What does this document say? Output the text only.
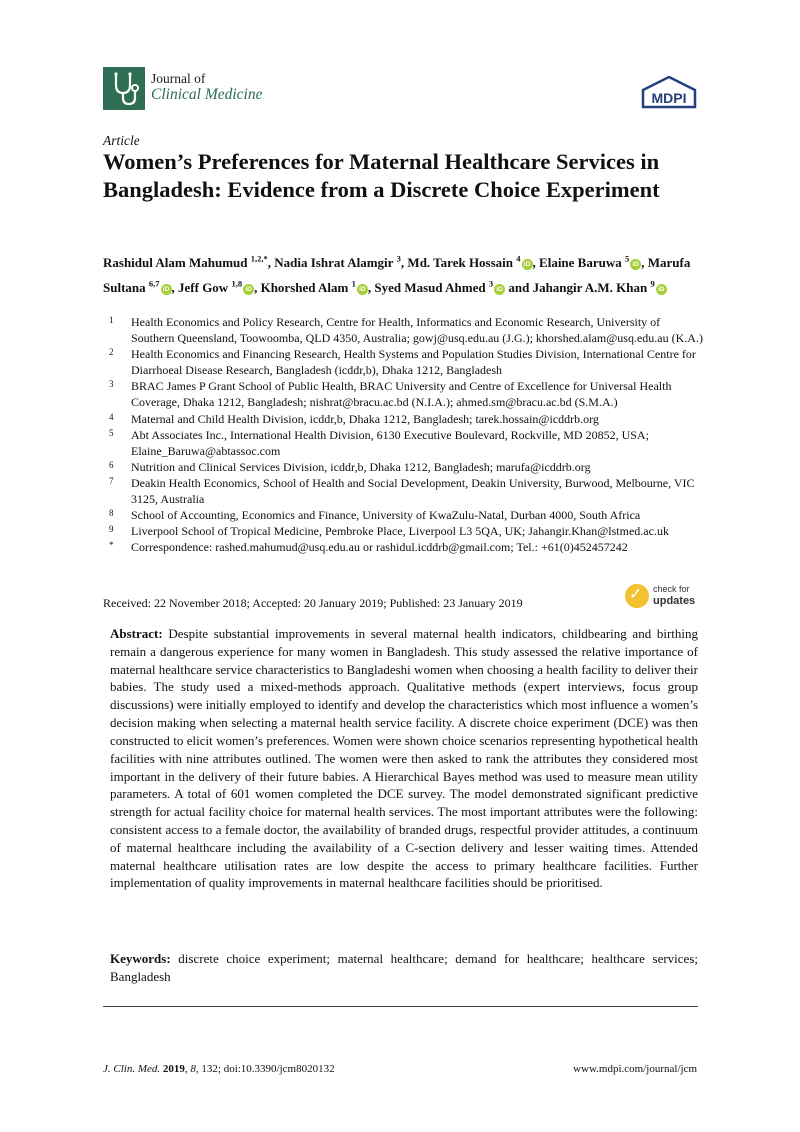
Journal of
Clinical Medicine	MDPI
Article
Women’s Preferences for Maternal Healthcare Services in Bangladesh: Evidence from a Discrete Choice Experiment

Rashidul Alam Mahumud $^{1,2,*}$, Nadia Ishrat Alamgir $^3$, Md. Tarek Hossain $^4$iD , Elaine Baruwa $^5$iD , Marufa Sultana $^{6,7}$iD , Jeff Gow $^{1,8}$iD , Khorshed Alam $^1$iD , Syed Masud Ahmed $^3$iD and Jahangir A.M. Khan $^9$iD

1	Health Economics and Policy Research, Centre for Health, Informatics and Economic Research, University of Southern Queensland, Toowoomba, QLD 4350, Australia; gowj@usq.edu.au (J.G.); khorshed.alam@usq.edu.au (K.A.)
2	Health Economics and Financing Research, Health Systems and Population Studies Division, International Centre for Diarrhoeal Disease Research, Bangladesh (icddr,b), Dhaka 1212, Bangladesh
3	BRAC James P Grant School of Public Health, BRAC University and Centre of Excellence for Universal Health Coverage, Dhaka 1212, Bangladesh; nishrat@bracu.ac.bd (N.I.A.); ahmed.sm@bracu.ac.bd (S.M.A.)
4	Maternal and Child Health Division, icddr,b, Dhaka 1212, Bangladesh; tarek.hossain@icddrb.org
5	Abt Associates Inc., International Health Division, 6130 Executive Boulevard, Rockville, MD 20852, USA; Elaine_Baruwa@abtassoc.com
6	Nutrition and Clinical Services Division, icddr,b, Dhaka 1212, Bangladesh; marufa@icddrb.org
7	Deakin Health Economics, School of Health and Social Development, Deakin University, Burwood, Melbourne, VIC 3125, Australia
8	School of Accounting, Economics and Finance, University of KwaZulu-Natal, Durban 4000, South Africa
9	Liverpool School of Tropical Medicine, Pembroke Place, Liverpool L3 5QA, UK; Jahangir.Khan@lstmed.ac.uk
*	Correspondence: rashed.mahumud@usq.edu.au or rashidul.icddrb@gmail.com; Tel.: +61(0)452457242
Received: 22 November 2018; Accepted: 20 January 2019; Published: 23 January 2019	✓ check for
updates

Abstract: Despite substantial improvements in several maternal health indicators, childbearing and birthing remain a dangerous experience for many women in Bangladesh. This study assessed the relative importance of maternal healthcare service characteristics to Bangladeshi women when choosing a health facility to deliver their babies. The study used a mixed-methods approach. Qualitative methods (expert interviews, focus group discussions) were initially employed to identify and develop the characteristics which most influence a women’s decision making when selecting a maternal health service facility. A discrete choice experiment (DCE) was then constructed to elicit women’s preferences. Women were shown choice scenarios representing hypothetical health facilities with nine attributes outlined. The women were then asked to rank the attributes they considered most important in the delivery of their future babies. A Hierarchical Bayes method was used to measure mean utility parameters. A total of 601 women completed the DCE survey. The model demonstrated significant predictive strength for actual facility choice for maternal health services. The most important attributes were the following: consistent access to a female doctor, the availability of branded drugs, respectful provider attitudes, a continuum of maternal healthcare including the availability of a C-section delivery and lesser waiting times. Attended maternal healthcare utilisation rates are low despite the access to primary healthcare facilities. Further implementation of quality improvements in maternal healthcare facilities should be prioritised.

Keywords: discrete choice experiment; maternal healthcare; demand for healthcare; healthcare services; Bangladesh

J. Clin. Med. 2019, 8, 132; doi:10.3390/jcm8020132	www.mdpi.com/journal/jcm
